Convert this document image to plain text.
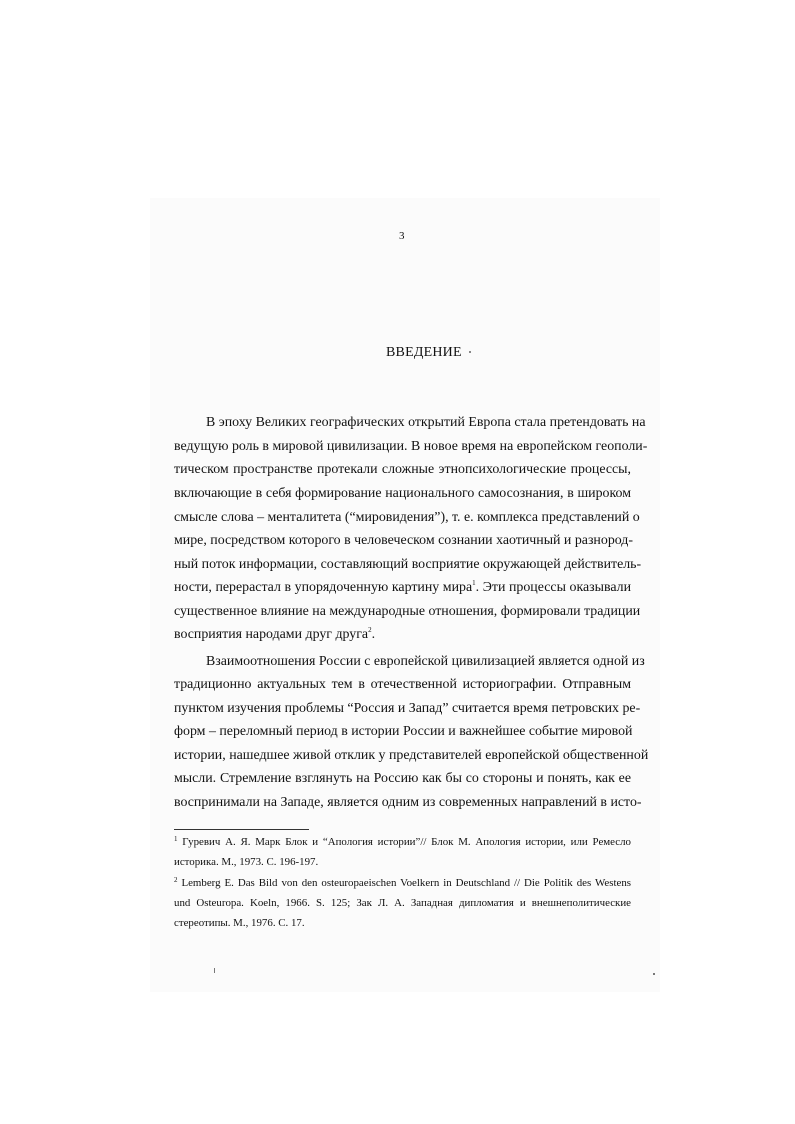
3
ВВЕДЕНИЕ
В эпоху Великих географических открытий Европа стала претендовать на
ведущую роль в мировой цивилизации. В новое время на европейском геополи-
тическом пространстве протекали сложные этнопсихологические процессы,
включающие в себя формирование национального самосознания, в широком
смысле слова – менталитета (“мировидения”), т. е. комплекса представлений о
мире, посредством которого в человеческом сознании хаотичный и разнород-
ный поток информации, составляющий восприятие окружающей действитель-
ности, перерастал в упорядоченную картину мира$^1$. Эти процессы оказывали
существенное влияние на международные отношения, формировали традиции
восприятия народами друг друга$^2$.
Взаимоотношения России с европейской цивилизацией является одной из
традиционно актуальных тем в отечественной историографии. Отправным
пунктом изучения проблемы “Россия и Запад” считается время петровских ре-
форм – переломный период в истории России и важнейшее событие мировой
истории, нашедшее живой отклик у представителей европейской общественной
мысли. Стремление взглянуть на Россию как бы со стороны и понять, как ее
воспринимали на Западе, является одним из современных направлений в исто-
$^1$ Гуревич А. Я. Марк Блок и “Апология истории”// Блок М. Апология истории, или Ремесло
историка. М., 1973. С. 196-197.
$^2$ Lemberg E. Das Bild von den osteuropaeischen Voelkern in Deutschland // Die Politik des Westens
und Osteuropa. Koeln, 1966. S. 125; Зак Л. А. Западная дипломатия и внешнеполитические
стереотипы. М., 1976. С. 17.
